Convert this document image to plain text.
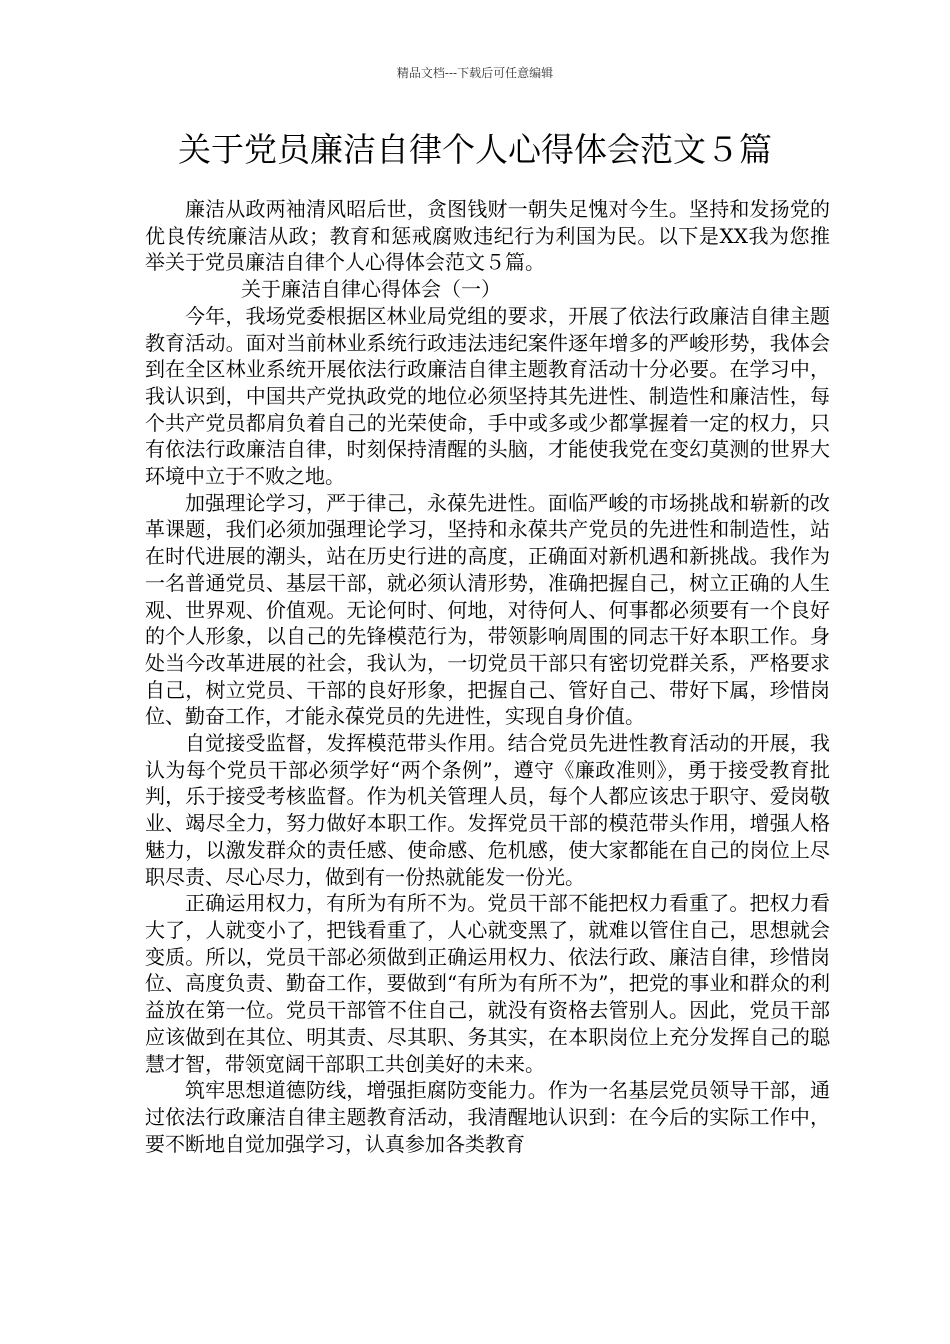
精品文档---下载后可任意编辑
关于党员廉洁自律个人心得体会范文５篇

廉洁从政两袖清风昭后世，贪图钱财一朝失足愧对今生。坚持和发扬党的优良传统廉洁从政；教育和惩戒腐败违纪行为利国为民。以下是XX我为您推举关于党员廉洁自律个人心得体会范文５篇。

关于廉洁自律心得体会（一）

今年，我场党委根据区林业局党组的要求，开展了依法行政廉洁自律主题教育活动。面对当前林业系统行政违法违纪案件逐年增多的严峻形势，我体会到在全区林业系统开展依法行政廉洁自律主题教育活动十分必要。在学习中，我认识到，中国共产党执政党的地位必须坚持其先进性、制造性和廉洁性，每个共产党员都肩负着自己的光荣使命，手中或多或少都掌握着一定的权力，只有依法行政廉洁自律，时刻保持清醒的头脑，才能使我党在变幻莫测的世界大环境中立于不败之地。

加强理论学习，严于律己，永葆先进性。面临严峻的市场挑战和崭新的改革课题，我们必须加强理论学习，坚持和永葆共产党员的先进性和制造性，站在时代进展的潮头，站在历史行进的高度，正确面对新机遇和新挑战。我作为一名普通党员、基层干部，就必须认清形势，准确把握自己，树立正确的人生观、世界观、价值观。无论何时、何地，对待何人、何事都必须要有一个良好的个人形象，以自己的先锋模范行为，带领影响周围的同志干好本职工作。身处当今改革进展的社会，我认为，一切党员干部只有密切党群关系，严格要求自己，树立党员、干部的良好形象，把握自己、管好自己、带好下属，珍惜岗位、勤奋工作，才能永葆党员的先进性，实现自身价值。

自觉接受监督，发挥模范带头作用。结合党员先进性教育活动的开展，我认为每个党员干部必须学好“两个条例”，遵守《廉政准则》，勇于接受教育批判，乐于接受考核监督。作为机关管理人员，每个人都应该忠于职守、爱岗敬业、竭尽全力，努力做好本职工作。发挥党员干部的模范带头作用，增强人格魅力，以激发群众的责任感、使命感、危机感，使大家都能在自己的岗位上尽职尽责、尽心尽力，做到有一份热就能发一份光。

正确运用权力，有所为有所不为。党员干部不能把权力看重了。把权力看大了，人就变小了，把钱看重了，人心就变黑了，就难以管住自己，思想就会变质。所以，党员干部必须做到正确运用权力、依法行政、廉洁自律，珍惜岗位、高度负责、勤奋工作，要做到“有所为有所不为”，把党的事业和群众的利益放在第一位。党员干部管不住自己，就没有资格去管别人。因此，党员干部应该做到在其位、明其责、尽其职、务其实，在本职岗位上充分发挥自己的聪慧才智，带领宽阔干部职工共创美好的未来。

筑牢思想道德防线，增强拒腐防变能力。作为一名基层党员领导干部，通过依法行政廉洁自律主题教育活动，我清醒地认识到：在今后的实际工作中，要不断地自觉加强学习，认真参加各类教育
